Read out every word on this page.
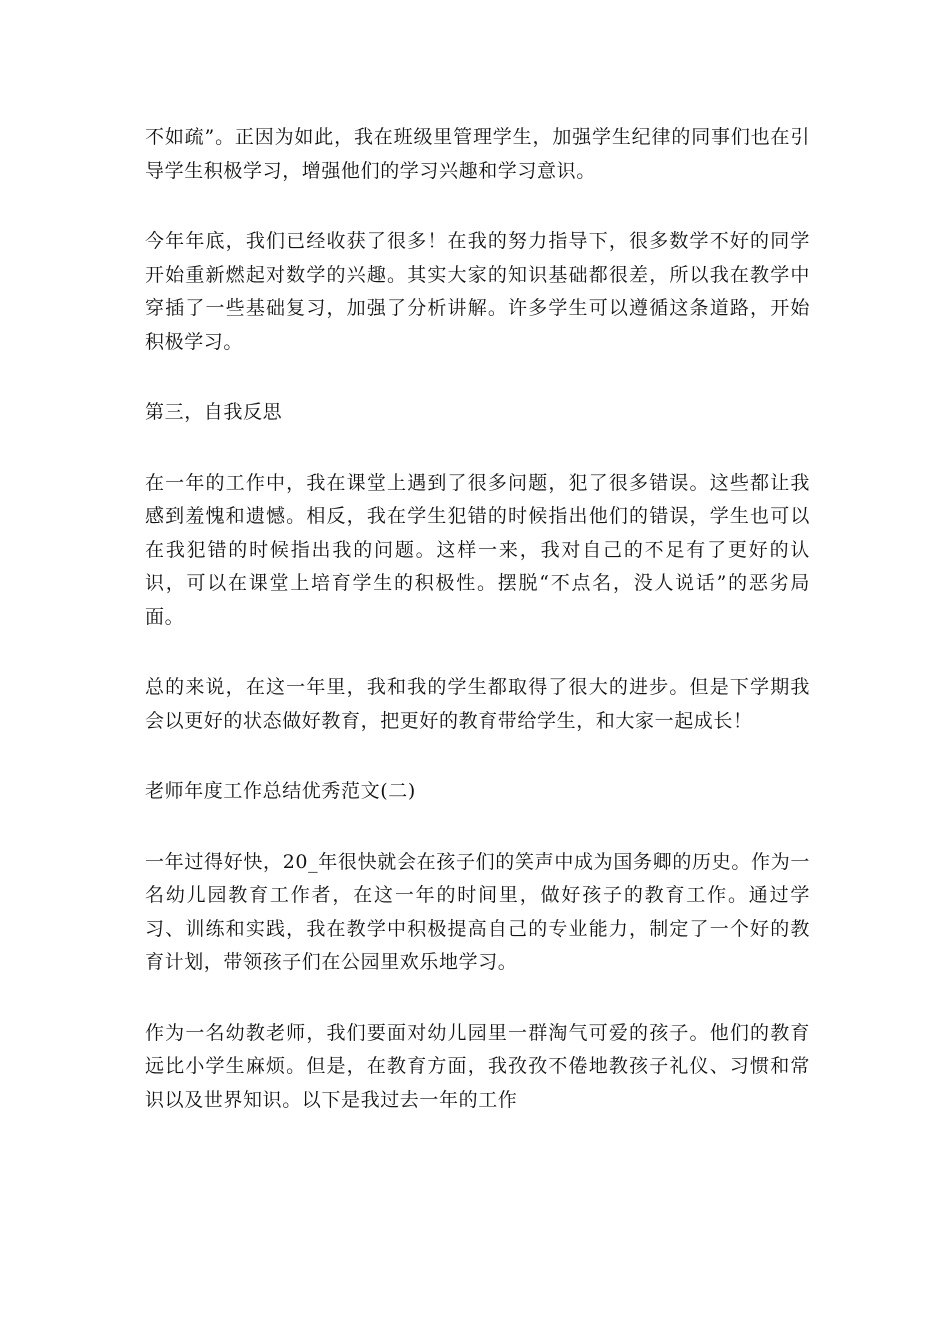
不如疏”。正因为如此，我在班级里管理学生，加强学生纪律的同事们也在引导学生积极学习，增强他们的学习兴趣和学习意识。

今年年底，我们已经收获了很多！在我的努力指导下，很多数学不好的同学开始重新燃起对数学的兴趣。其实大家的知识基础都很差，所以我在教学中穿插了一些基础复习，加强了分析讲解。许多学生可以遵循这条道路，开始积极学习。

第三，自我反思

在一年的工作中，我在课堂上遇到了很多问题，犯了很多错误。这些都让我感到羞愧和遗憾。相反，我在学生犯错的时候指出他们的错误，学生也可以在我犯错的时候指出我的问题。这样一来，我对自己的不足有了更好的认识，可以在课堂上培育学生的积极性。摆脱“不点名，没人说话”的恶劣局面。

总的来说，在这一年里，我和我的学生都取得了很大的进步。但是下学期我会以更好的状态做好教育，把更好的教育带给学生，和大家一起成长！

老师年度工作总结优秀范文(二)

一年过得好快，20_年很快就会在孩子们的笑声中成为国务卿的历史。作为一名幼儿园教育工作者，在这一年的时间里，做好孩子的教育工作。通过学习、训练和实践，我在教学中积极提高自己的专业能力，制定了一个好的教育计划，带领孩子们在公园里欢乐地学习。

作为一名幼教老师，我们要面对幼儿园里一群淘气可爱的孩子。他们的教育远比小学生麻烦。但是，在教育方面，我孜孜不倦地教孩子礼仪、习惯和常识以及世界知识。以下是我过去一年的工作
